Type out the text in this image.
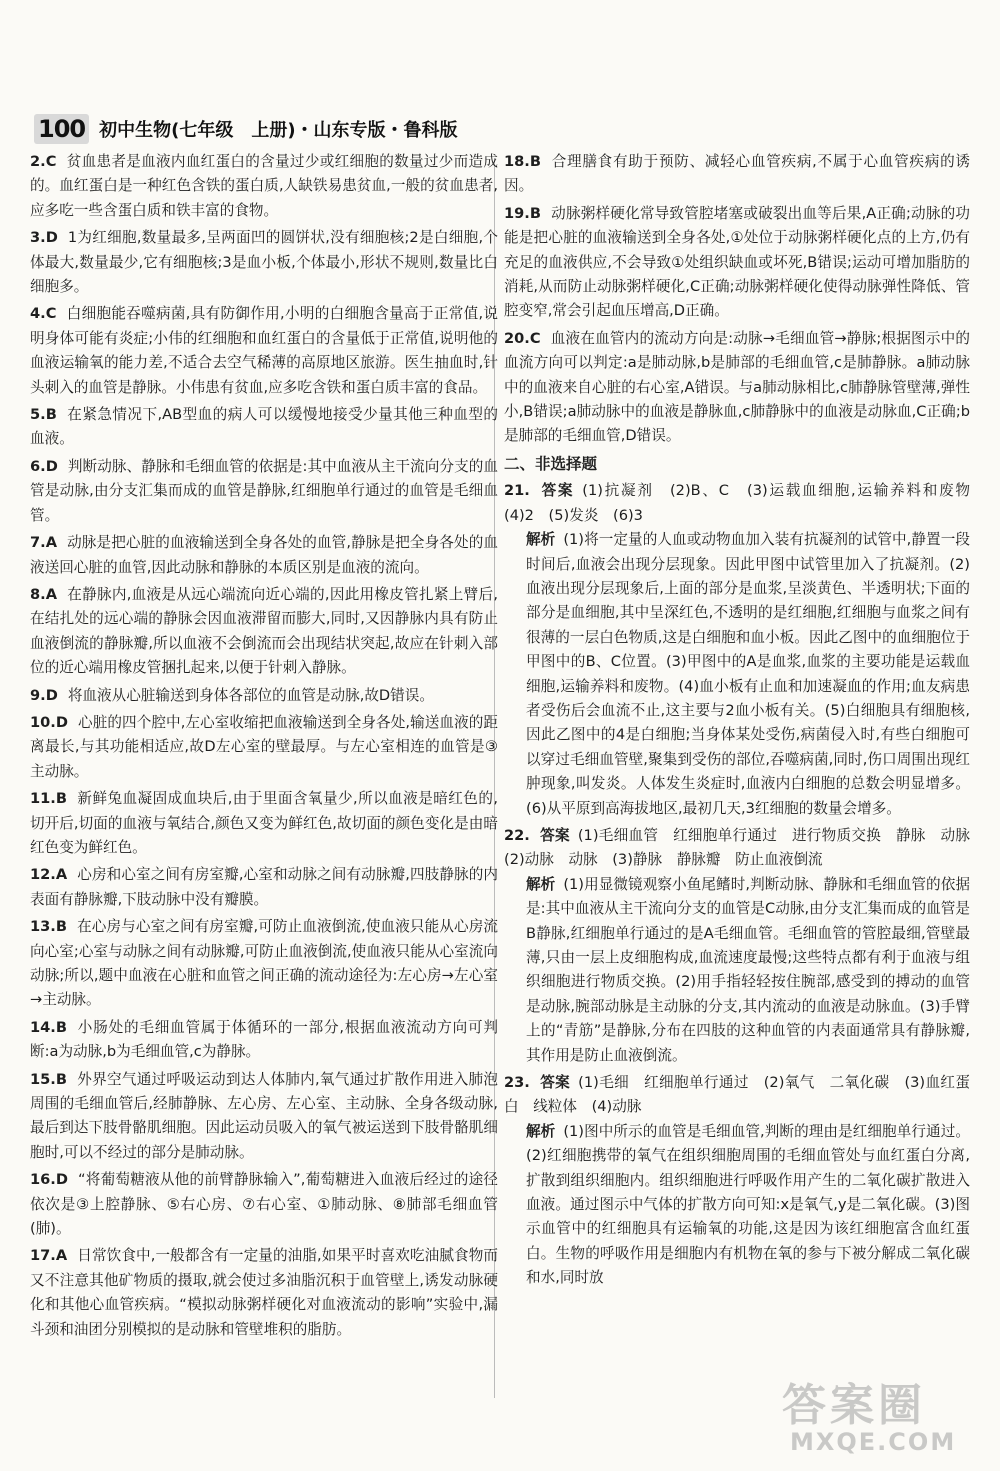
100 初中生物(七年级　上册)・山东专版・鲁科版
2.C 贫血患者是血液内血红蛋白的含量过少或红细胞的数量过少而造成的。血红蛋白是一种红色含铁的蛋白质,人缺铁易患贫血,一般的贫血患者,应多吃一些含蛋白质和铁丰富的食物。
3.D 1为红细胞,数量最多,呈两面凹的圆饼状,没有细胞核;2是白细胞,个体最大,数量最少,它有细胞核;3是血小板,个体最小,形状不规则,数量比白细胞多。
4.C 白细胞能吞噬病菌,具有防御作用,小明的白细胞含量高于正常值,说明身体可能有炎症;小伟的红细胞和血红蛋白的含量低于正常值,说明他的血液运输氧的能力差,不适合去空气稀薄的高原地区旅游。医生抽血时,针头刺入的血管是静脉。小伟患有贫血,应多吃含铁和蛋白质丰富的食品。
5.B 在紧急情况下,AB型血的病人可以缓慢地接受少量其他三种血型的血液。
6.D 判断动脉、静脉和毛细血管的依据是:其中血液从主干流向分支的血管是动脉,由分支汇集而成的血管是静脉,红细胞单行通过的血管是毛细血管。
7.A 动脉是把心脏的血液输送到全身各处的血管,静脉是把全身各处的血液送回心脏的血管,因此动脉和静脉的本质区别是血液的流向。
8.A 在静脉内,血液是从远心端流向近心端的,因此用橡皮管扎紧上臂后,在结扎处的远心端的静脉会因血液滞留而膨大,同时,又因静脉内具有防止血液倒流的静脉瓣,所以血液不会倒流而会出现结状突起,故应在针刺入部位的近心端用橡皮管捆扎起来,以便于针刺入静脉。
9.D 将血液从心脏输送到身体各部位的血管是动脉,故D错误。
10.D 心脏的四个腔中,左心室收缩把血液输送到全身各处,输送血液的距离最长,与其功能相适应,故D左心室的壁最厚。与左心室相连的血管是③主动脉。
11.B 新鲜兔血凝固成血块后,由于里面含氧量少,所以血液是暗红色的,切开后,切面的血液与氧结合,颜色又变为鲜红色,故切面的颜色变化是由暗红色变为鲜红色。
12.A 心房和心室之间有房室瓣,心室和动脉之间有动脉瓣,四肢静脉的内表面有静脉瓣,下肢动脉中没有瓣膜。
13.B 在心房与心室之间有房室瓣,可防止血液倒流,使血液只能从心房流向心室;心室与动脉之间有动脉瓣,可防止血液倒流,使血液只能从心室流向动脉;所以,题中血液在心脏和血管之间正确的流动途径为:左心房→左心室→主动脉。
14.B 小肠处的毛细血管属于体循环的一部分,根据血液流动方向可判断:a为动脉,b为毛细血管,c为静脉。
15.B 外界空气通过呼吸运动到达人体肺内,氧气通过扩散作用进入肺泡周围的毛细血管后,经肺静脉、左心房、左心室、主动脉、全身各级动脉,最后到达下肢骨骼肌细胞。因此运动员吸入的氧气被运送到下肢骨骼肌细胞时,可以不经过的部分是肺动脉。
16.D “将葡萄糖液从他的前臂静脉输入”,葡萄糖进入血液后经过的途径依次是③上腔静脉、⑤右心房、⑦右心室、①肺动脉、⑧肺部毛细血管(肺)。
17.A 日常饮食中,一般都含有一定量的油脂,如果平时喜欢吃油腻食物而又不注意其他矿物质的摄取,就会使过多油脂沉积于血管壁上,诱发动脉硬化和其他心血管疾病。“模拟动脉粥样硬化对血液流动的影响”实验中,漏斗颈和油团分别模拟的是动脉和管壁堆积的脂肪。
18.B 合理膳食有助于预防、减轻心血管疾病,不属于心血管疾病的诱因。
19.B 动脉粥样硬化常导致管腔堵塞或破裂出血等后果,A正确;动脉的功能是把心脏的血液输送到全身各处,①处位于动脉粥样硬化点的上方,仍有充足的血液供应,不会导致①处组织缺血或坏死,B错误;运动可增加脂肪的消耗,从而防止动脉粥样硬化,C正确;动脉粥样硬化使得动脉弹性降低、管腔变窄,常会引起血压增高,D正确。
20.C 血液在血管内的流动方向是:动脉→毛细血管→静脉;根据图示中的血流方向可以判定:a是肺动脉,b是肺部的毛细血管,c是肺静脉。a肺动脉中的血液来自心脏的右心室,A错误。与a肺动脉相比,c肺静脉管壁薄,弹性小,B错误;a肺动脉中的血液是静脉血,c肺静脉中的血液是动脉血,C正确;b是肺部的毛细血管,D错误。
二、非选择题
21. 答案 (1)抗凝剂　(2)B、C　(3)运载血细胞,运输养料和废物　(4)2　(5)发炎　(6)3
解析 (1)将一定量的人血或动物血加入装有抗凝剂的试管中,静置一段时间后,血液会出现分层现象。因此甲图中试管里加入了抗凝剂。(2)血液出现分层现象后,上面的部分是血浆,呈淡黄色、半透明状;下面的部分是血细胞,其中呈深红色,不透明的是红细胞,红细胞与血浆之间有很薄的一层白色物质,这是白细胞和血小板。因此乙图中的血细胞位于甲图中的B、C位置。(3)甲图中的A是血浆,血浆的主要功能是运载血细胞,运输养料和废物。(4)血小板有止血和加速凝血的作用;血友病患者受伤后会血流不止,这主要与2血小板有关。(5)白细胞具有细胞核,因此乙图中的4是白细胞;当身体某处受伤,病菌侵入时,有些白细胞可以穿过毛细血管壁,聚集到受伤的部位,吞噬病菌,同时,伤口周围出现红肿现象,叫发炎。人体发生炎症时,血液内白细胞的总数会明显增多。(6)从平原到高海拔地区,最初几天,3红细胞的数量会增多。
22. 答案 (1)毛细血管　红细胞单行通过　进行物质交换　静脉　动脉　(2)动脉　动脉　(3)静脉　静脉瓣　防止血液倒流
解析 (1)用显微镜观察小鱼尾鳍时,判断动脉、静脉和毛细血管的依据是:其中血液从主干流向分支的血管是C动脉,由分支汇集而成的血管是B静脉,红细胞单行通过的是A毛细血管。毛细血管的管腔最细,管壁最薄,只由一层上皮细胞构成,血流速度最慢;这些特点都有利于血液与组织细胞进行物质交换。(2)用手指轻轻按住腕部,感受到的搏动的血管是动脉,腕部动脉是主动脉的分支,其内流动的血液是动脉血。(3)手臂上的“青筋”是静脉,分布在四肢的这种血管的内表面通常具有静脉瓣,其作用是防止血液倒流。
23. 答案 (1)毛细　红细胞单行通过　(2)氧气　二氧化碳　(3)血红蛋白　线粒体　(4)动脉
解析 (1)图中所示的血管是毛细血管,判断的理由是红细胞单行通过。(2)红细胞携带的氧气在组织细胞周围的毛细血管处与血红蛋白分离,扩散到组织细胞内。组织细胞进行呼吸作用产生的二氧化碳扩散进入血液。通过图示中气体的扩散方向可知:x是氧气,y是二氧化碳。(3)图示血管中的红细胞具有运输氧的功能,这是因为该红细胞富含血红蛋白。生物的呼吸作用是细胞内有机物在氧的参与下被分解成二氧化碳和水,同时放
答案圈
MXQE.COM
